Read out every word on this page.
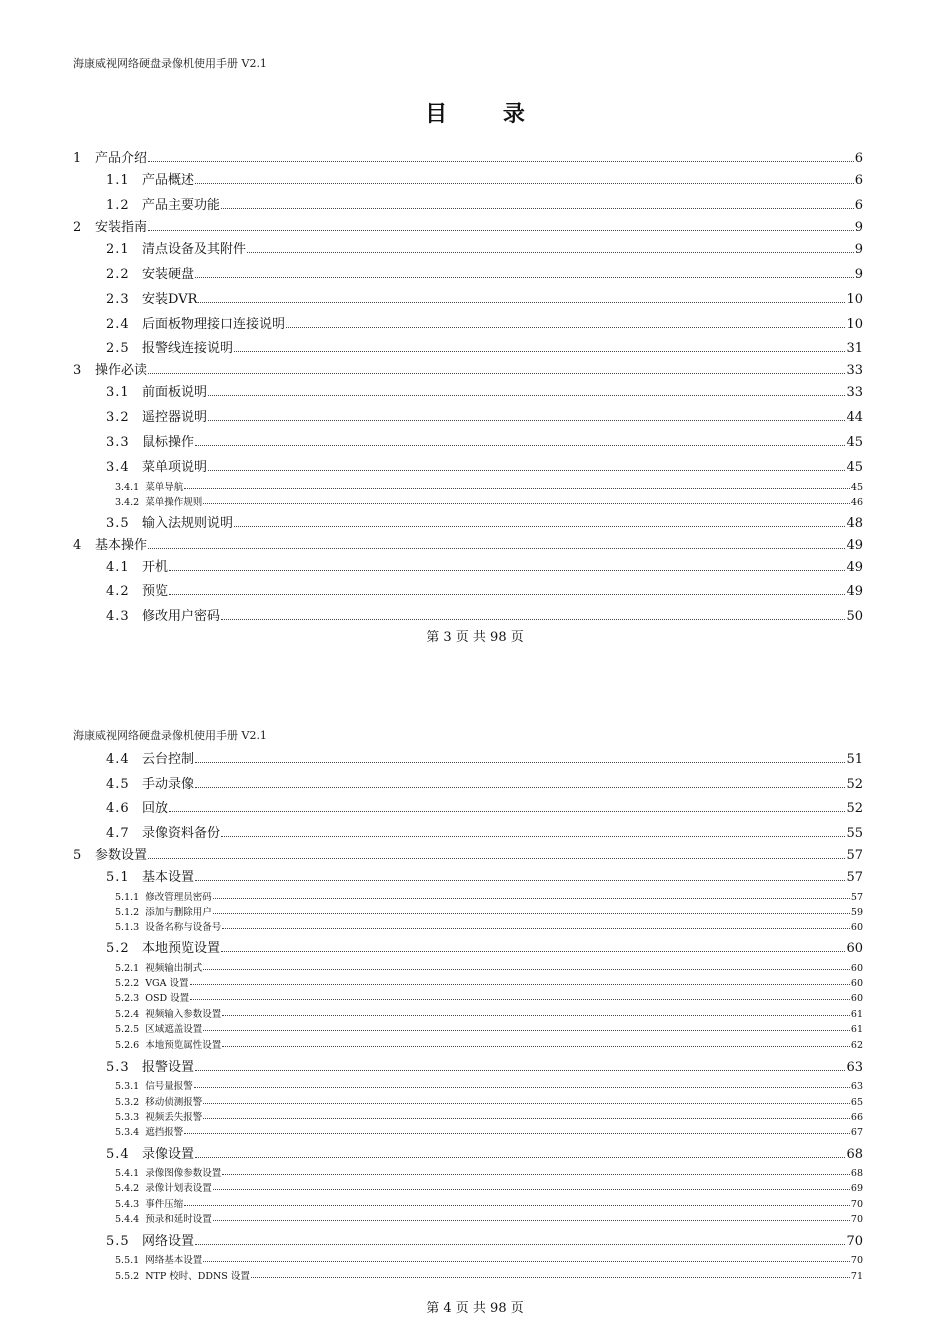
海康威视网络硬盘录像机使用手册 V2.1
目 录
1	产品介绍	6
1.1 产品概述	6
1.2 产品主要功能	6
2	安装指南	9
2.1 清点设备及其附件	9
2.2 安装硬盘	9
2.3 安装DVR	10
2.4 后面板物理接口连接说明	10
2.5 报警线连接说明	31
3	操作必读	33
3.1 前面板说明	33
3.2 遥控器说明	44
3.3 鼠标操作	45
3.4 菜单项说明	45
3.4.1 菜单导航	45
3.4.2 菜单操作规则	46
3.5 输入法规则说明	48
4	基本操作	49
4.1 开机	49
4.2 预览	49
4.3 修改用户密码	50
第 3 页 共 98 页
海康威视网络硬盘录像机使用手册 V2.1
4.4 云台控制	51
4.5 手动录像	52
4.6 回放	52
4.7 录像资料备份	55
5	参数设置	57
5.1 基本设置	57
5.1.1 修改管理员密码	57
5.1.2 添加与删除用户	59
5.1.3 设备名称与设备号	60
5.2 本地预览设置	60
5.2.1 视频输出制式	60
5.2.2 VGA 设置	60
5.2.3 OSD 设置	60
5.2.4 视频输入参数设置	61
5.2.5 区域遮盖设置	61
5.2.6 本地预览属性设置	62
5.3 报警设置	63
5.3.1 信号量报警	63
5.3.2 移动侦测报警	65
5.3.3 视频丢失报警	66
5.3.4 遮挡报警	67
5.4 录像设置	68
5.4.1 录像图像参数设置	68
5.4.2 录像计划表设置	69
5.4.3 事件压缩	70
5.4.4 预录和延时设置	70
5.5 网络设置	70
5.5.1 网络基本设置	70
5.5.2 NTP 校时、DDNS 设置	71
第 4 页 共 98 页
